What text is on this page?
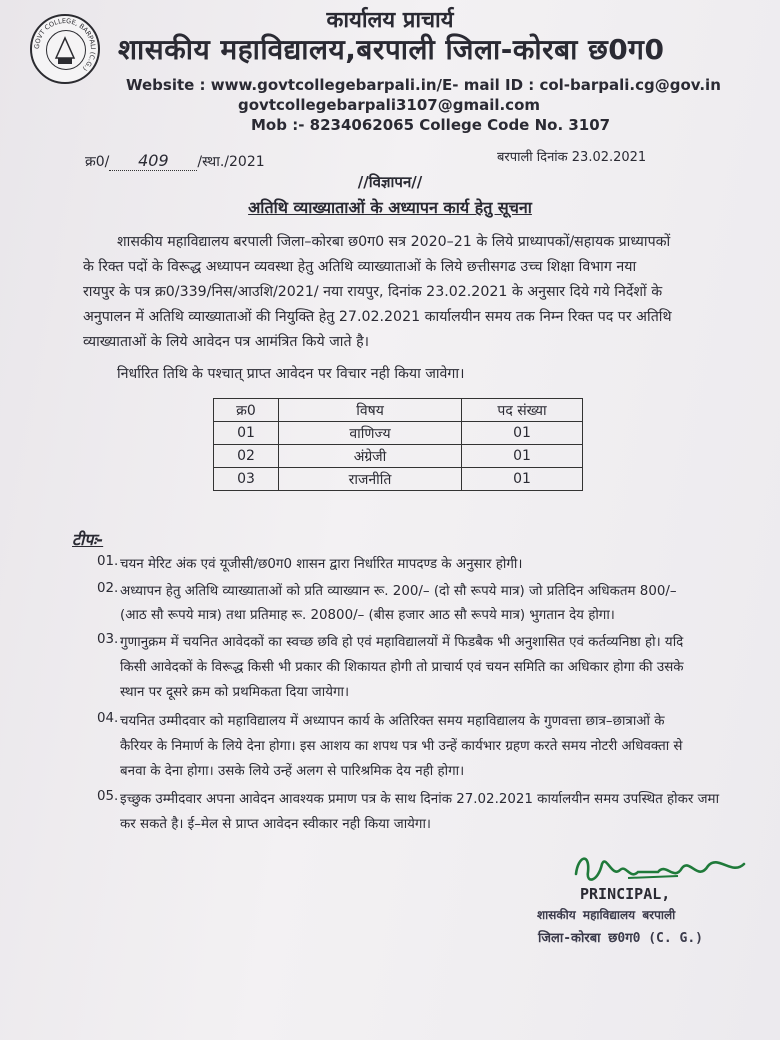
GOVT COLLEGE, BARPALI (C.G.)
कार्यालय प्राचार्य
शासकीय महाविद्यालय,बरपाली जिला-कोरबा छ0ग0
Website : www.govtcollegebarpali.in/E- mail ID : col-barpali.cg@gov.in
govtcollegebarpali3107@gmail.com
Mob :- 8234062065 College Code No. 3107
क्र0/ 409 /स्था./2021	बरपाली दिनांक 23.02.2021
//विज्ञापन//
अतिथि व्याख्याताओं के अध्यापन कार्य हेतु सूचना
शासकीय महाविद्यालय बरपाली जिला–कोरबा छ0ग0 सत्र 2020–21 के लिये प्राध्यापकों/सहायक प्राध्यापकों
के रिक्त पदों के विरूद्ध अध्यापन व्यवस्था हेतु अतिथि व्याख्याताओं के लिये छत्तीसगढ उच्च शिक्षा विभाग नया
रायपुर के पत्र क्र0/339/निस/आउशि/2021/ नया रायपुर, दिनांक 23.02.2021 के अनुसार दिये गये निर्देशों के
अनुपालन में अतिथि व्याख्याताओं की नियुक्ति हेतु 27.02.2021 कार्यालयीन समय तक निम्न रिक्त पद पर अतिथि
व्याख्याताओं के लिये आवेदन पत्र आमंत्रित किये जाते है।
निर्धारित तिथि के पश्चात् प्राप्त आवेदन पर विचार नही किया जावेगा।
क्र0	विषय	पद संख्या
01	वाणिज्य	01
02	अंग्रेजी	01
03	राजनीति	01
टीपः-
01. चयन मेरिट अंक एवं यूजीसी/छ0ग0 शासन द्वारा निर्धारित मापदण्ड के अनुसार होगी।
02. अध्यापन हेतु अतिथि व्याख्याताओं को प्रति व्याख्यान रू. 200/– (दो सौ रूपये मात्र) जो प्रतिदिन अधिकतम 800/–
(आठ सौ रूपये मात्र) तथा प्रतिमाह रू. 20800/– (बीस हजार आठ सौ रूपये मात्र) भुगतान देय होगा।
03. गुणानुक्रम में चयनित आवेदकों का स्वच्छ छवि हो एवं महाविद्यालयों में फिडबैक भी अनुशासित एवं कर्तव्यनिष्ठा हो। यदि
किसी आवेदकों के विरूद्ध किसी भी प्रकार की शिकायत होगी तो प्राचार्य एवं चयन समिति का अधिकार होगा की उसके
स्थान पर दूसरे क्रम को प्रथमिकता दिया जायेगा।
04. चयनित उम्मीदवार को महाविद्यालय में अध्यापन कार्य के अतिरिक्त समय महाविद्यालय के गुणवत्ता छात्र–छात्राओं के
कैरियर के निमार्ण के लिये देना होगा। इस आशय का शपथ पत्र भी उन्हें कार्यभार ग्रहण करते समय नोटरी अधिवक्ता से
बनवा के देना होगा। उसके लिये उन्हें अलग से पारिश्रमिक देय नही होगा।
05. इच्छुक उम्मीदवार अपना आवेदन आवश्यक प्रमाण पत्र के साथ दिनांक 27.02.2021 कार्यालयीन समय उपस्थित होकर जमा
कर सकते है। ई–मेल से प्राप्त आवेदन स्वीकार नही किया जायेगा।
PRINCIPAL,
शासकीय महाविद्यालय बरपाली
जिला-कोरबा छ0ग0 (C. G.)
